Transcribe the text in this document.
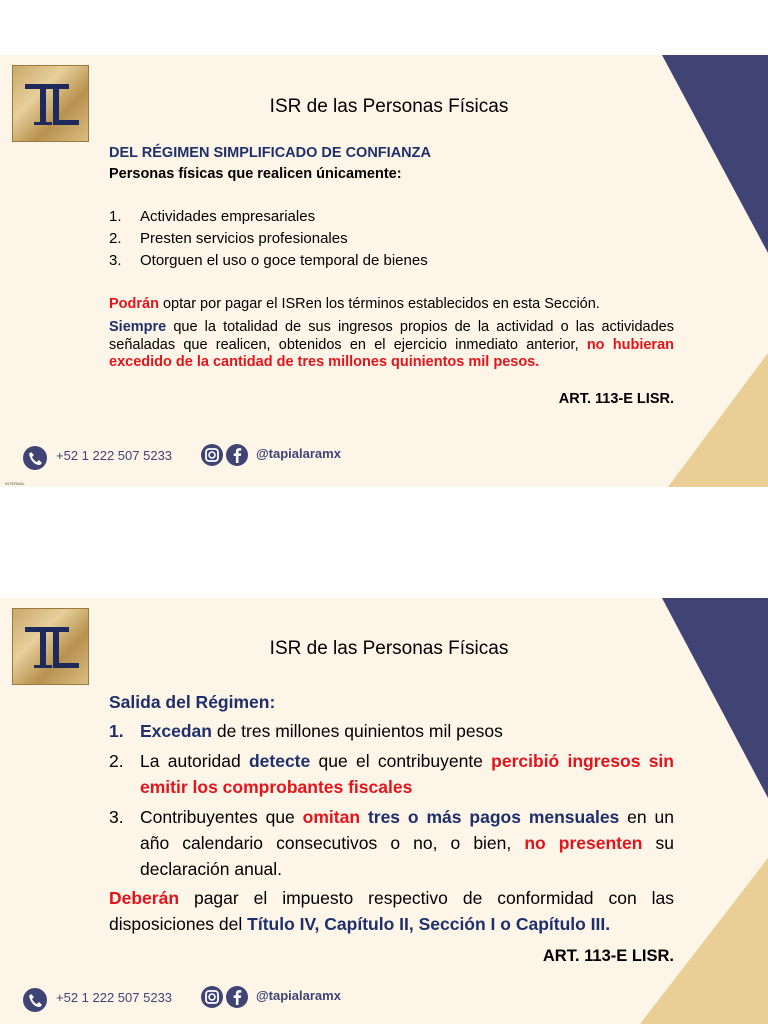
ISR de las Personas Físicas
DEL RÉGIMEN SIMPLIFICADO DE CONFIANZA
Personas físicas que realicen únicamente:
1. Actividades empresariales
2. Presten servicios profesionales
3. Otorguen el uso o goce temporal de bienes
Podrán optar por pagar el ISRen los términos establecidos en esta Sección.
Siempre que la totalidad de sus ingresos propios de la actividad o las actividades señaladas que realicen, obtenidos en el ejercicio inmediato anterior, no hubieran excedido de la cantidad de tres millones quinientos mil pesos.
ART. 113-E LISR.
+52 1 222 507 5233	@tapialaramx
INTERNAL
ISR de las Personas Físicas
Salida del Régimen:
1. Excedan de tres millones quinientos mil pesos
2. La autoridad detecte que el contribuyente percibió ingresos sin emitir los comprobantes fiscales
3. Contribuyentes que omitan tres o más pagos mensuales en un año calendario consecutivos o no, o bien, no presenten su declaración anual.
Deberán pagar el impuesto respectivo de conformidad con las disposiciones del Título IV, Capítulo II, Sección I o Capítulo III.
ART. 113-E LISR.
+52 1 222 507 5233	@tapialaramx
